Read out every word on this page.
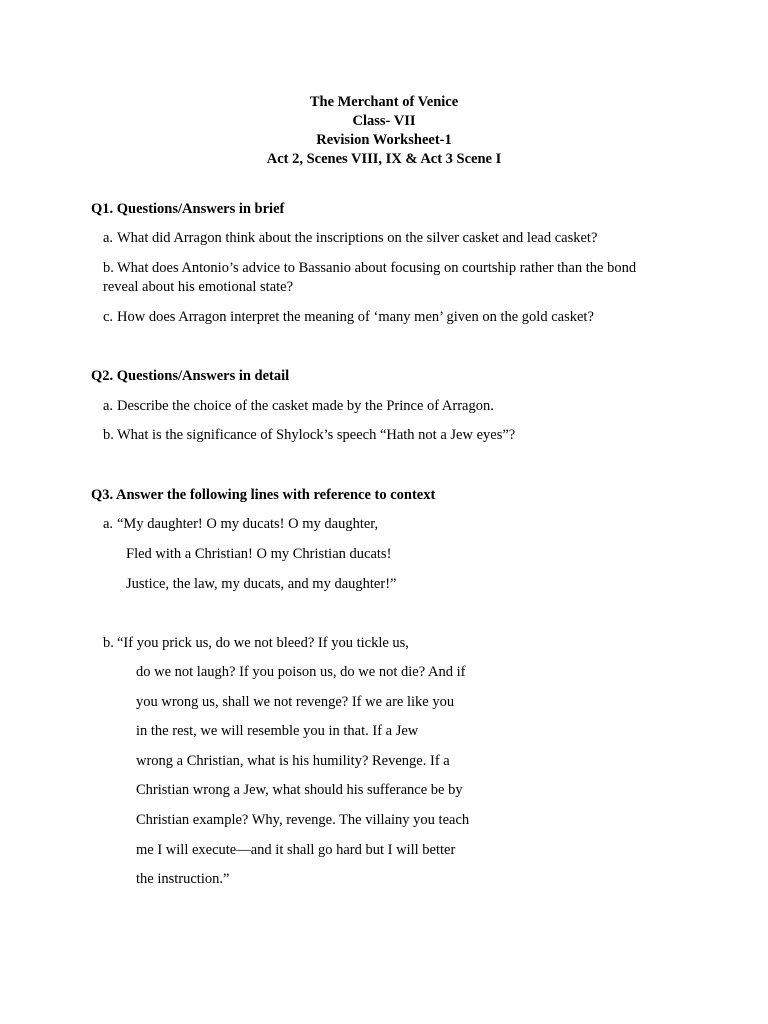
The Merchant of Venice
Class- VII
Revision Worksheet-1
Act 2, Scenes VIII, IX & Act 3 Scene I
Q1. Questions/Answers in brief
a. What did Arragon think about the inscriptions on the silver casket and lead casket?
b. What does Antonio’s advice to Bassanio about focusing on courtship rather than the bond
reveal about his emotional state?
c. How does Arragon interpret the meaning of ‘many men’ given on the gold casket?
Q2. Questions/Answers in detail
a. Describe the choice of the casket made by the Prince of Arragon.
b. What is the significance of Shylock’s speech “Hath not a Jew eyes”?
Q3. Answer the following lines with reference to context
a. “My daughter! O my ducats! O my daughter,
Fled with a Christian! O my Christian ducats!
Justice, the law, my ducats, and my daughter!”
b. “If you prick us, do we not bleed? If you tickle us,
do we not laugh? If you poison us, do we not die? And if
you wrong us, shall we not revenge? If we are like you
in the rest, we will resemble you in that. If a Jew
wrong a Christian, what is his humility? Revenge. If a
Christian wrong a Jew, what should his sufferance be by
Christian example? Why, revenge. The villainy you teach
me I will execute—and it shall go hard but I will better
the instruction.”
